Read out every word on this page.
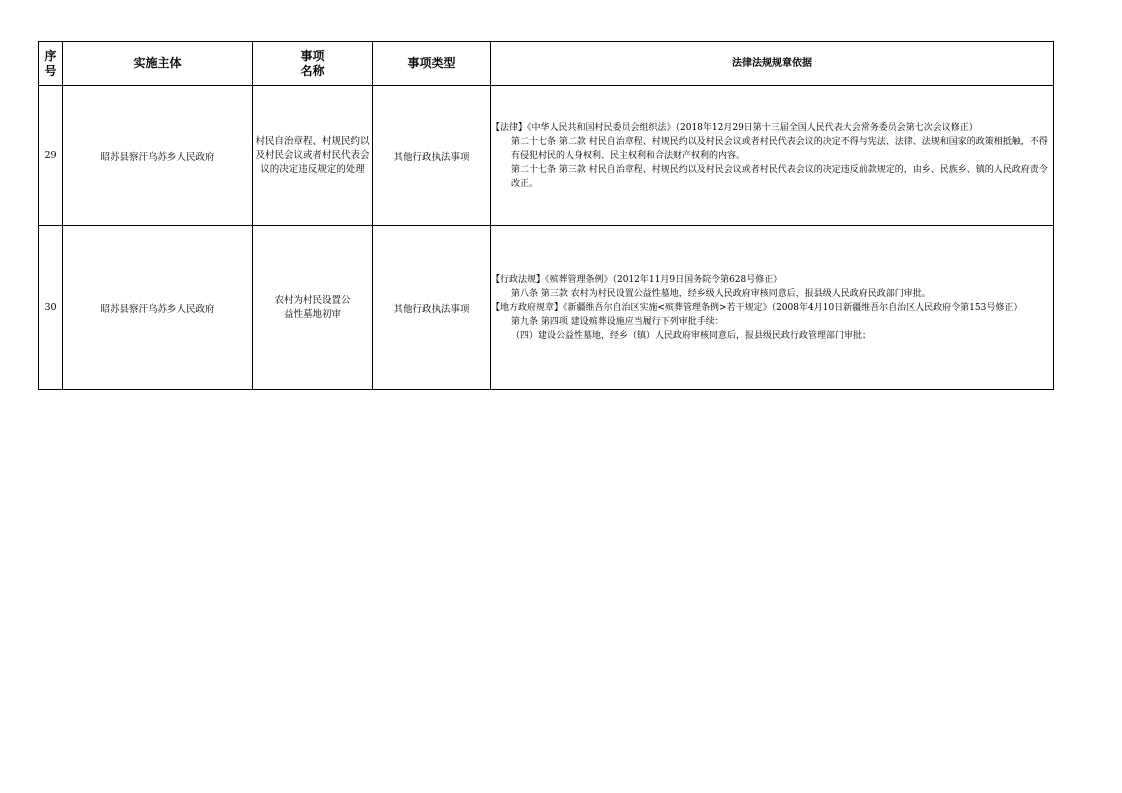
序号	实施主体	事项名称	事项类型	法律法规规章依据
29	昭苏县察汗乌苏乡人民政府	村民自治章程、村规民约以及村民会议或者村民代表会议的决定违反规定的处理	其他行政执法事项	【法律】《中华人民共和国村民委员会组织法》（2018年12月29日第十三届全国人民代表大会常务委员会第七次会议修正）
第二十七条 第二款 村民自治章程、村规民约以及村民会议或者村民代表会议的决定不得与宪法、法律、法规和国家的政策相抵触，不得有侵犯村民的人身权利、民主权利和合法财产权利的内容。
第二十七条 第三款 村民自治章程、村规民约以及村民会议或者村民代表会议的决定违反前款规定的，由乡、民族乡、镇的人民政府责令改正。

30	昭苏县察汗乌苏乡人民政府	农村为村民设置公益性墓地初审	其他行政执法事项	【行政法规】《殡葬管理条例》（2012年11月9日国务院令第628号修正）
第八条 第三款 农村为村民设置公益性墓地，经乡级人民政府审核同意后，报县级人民政府民政部门审批。
【地方政府规章】《新疆维吾尔自治区实施<殡葬管理条例>若干规定》（2008年4月10日新疆维吾尔自治区人民政府令第153号修正）
第九条 第四项 建设殡葬设施应当履行下列审批手续：
（四）建设公益性墓地，经乡（镇）人民政府审核同意后，报县级民政行政管理部门审批；
